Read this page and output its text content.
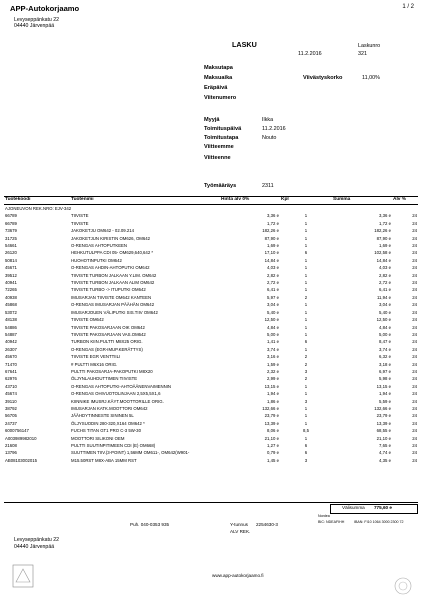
APP-Autokorjaamo
Levyseppänkatu 22
04440 Järvenpää
1 / 2
LASKU
11.2.2016
Laskunro
321
Maksutapa
Maksuaika
Eräpäivä
Viitenumero
Viivästyskorko	11,00%
Myyjä	Ilkka
Toimituspäivä	11.2.2016
Toimitustapa	Nouto
Viitteemme
Viitteenne
Työmääräys	2311
Tuotekoodi	Tuotenimi	Hinta alv 0%	Kpl	Summa	Alv %
AJONEUVON REK.NRO: EJV-342					
66789	TIIVISTE	3,36 e	1	3,36 e	24
66789	TIIVISTE	1,72 e	1	1,72 e	24
73679	JAKOKETJU OM642 - 02.09.214	182,26 e	1	182,26 e	24
31725	JAKOKETJUN KIRISTIN OM626, OM642	87,90 e	1	87,90 e	24
54661	O-RENGAS AHTOPUTKEEN	1,69 e	1	1,69 e	24
26120	HEHKUTULPPA CDI 05- OM629,640,642 *	17,10 e	6	102,58 e	24
50814	HUOHOTINPUTKI OM642	14,84 e	1	14,84 e	24
45671	O-RENGAS AHDIN-AHTOPUTKI OM642	4,03 e	1	4,03 e	24
39512	TIIVISTE TURBON JALKAAN Y.LIM. OM642	2,82 e	1	2,82 e	24
40941	TIIVISTE TURBON JALKAAN ALIM OM642	2,72 e	1	2,72 e	24
72265	TIIVISTE TURBO -> ITUPUTKI OM642	6,41 e	1	6,41 e	24
40938	IMUSARJAN TIIVISTE OM642 KANTEEN	5,97 e	2	11,94 e	24
45868	O-RENGAS IMUSARJAN PÄÄHÄN OM642	3,04 e	1	3,04 e	24
53072	IMUSARJOUEN VÄLIPUTKI SIS.TIIV OM642	5,40 e	1	5,40 e	24
48138	TIIVISTE OM642	12,50 e	1	12,50 e	24
54886	TIIVISTE PAKOSARJAAN OIK OM642	4,84 e	1	4,84 e	24
54887	TIIVISTE PAKOSARJAAN VAS.OM642	5,00 e	1	5,00 e	24
40942	TURBON KIIN.PULTTI M8X25 ORIG.	1,41 e	6	8,47 e	24
26307	O-RENGAS (EGR-IMUP.KERÄTTYS)	3,74 e	1	3,74 e	24
45670	TIIVISTE EGR VENTTIILI	3,16 e	2	6,32 e	24
71470	# PULTTI M6X16 ORIG.	1,59 e	2	3,18 e	24
67641	PULTTI PAKOSARJA-PAKOPUTKI M8X20	2,32 e	3	6,97 e	24
62976	ÖLJYNLAUHDUTTIMEN TIIVISTE	2,99 e	2	5,98 e	24
43710	O-RENGAS AHTOPUTKI-AHTOÄÄNENVAIMENNIN	13,15 e	1	13,15 e	24
45674	O-RENGAS OHIVUOTOLINJAAN 2,5X5,5X1,6	1,94 e	1	1,94 e	24
39110	KIINNIKE IMUSRJ.KÄYT.MOOTTORILLE ORIG.	1,86 e	3	5,59 e	24
38792	IMUSARJAN KATK.MOOTTORI OM642	132,66 e	1	132,66 e	24
56705	JÄÄHDYTINNESTE SININEN 5L	23,79 e	1	23,79 e	24
24737	ÖLJYSUODIN 280-320,X164 OM642 *	13,39 e	1	13,39 e	24
6000756147	FUCHS TITAN GT1 PRO C-3 5W-30	8,06 e	8,5	68,55 e	24
A003989982010	MOOTTORI SILIKONI OEM	21,10 e	1	21,10 e	24
21608	PULTTI SUUTINPITIMEEN CDI (E) OM668)	1,27 e	6	7,65 e	24
13796	SUUTTIMEN TIIV.(3-POINT) 1,56MM OM611-, OM642(W901-	0,79 e	6	4,74 e	24
AB08103002015	M15.50RST M8X-ABA 15MM RST	1,45 e	3	4,35 e	24
Välisumma 775,60 e
Puh. 040-0353 935	Y-tunnus 2254630-3
ALV REK.
Nordea
BIC: NDEAFIHH	IBAN: FI10 1064 3000 2300 72
Levyseppänkatu 22
04440 Järvenpää
www.app-autokorjaamo.fi
